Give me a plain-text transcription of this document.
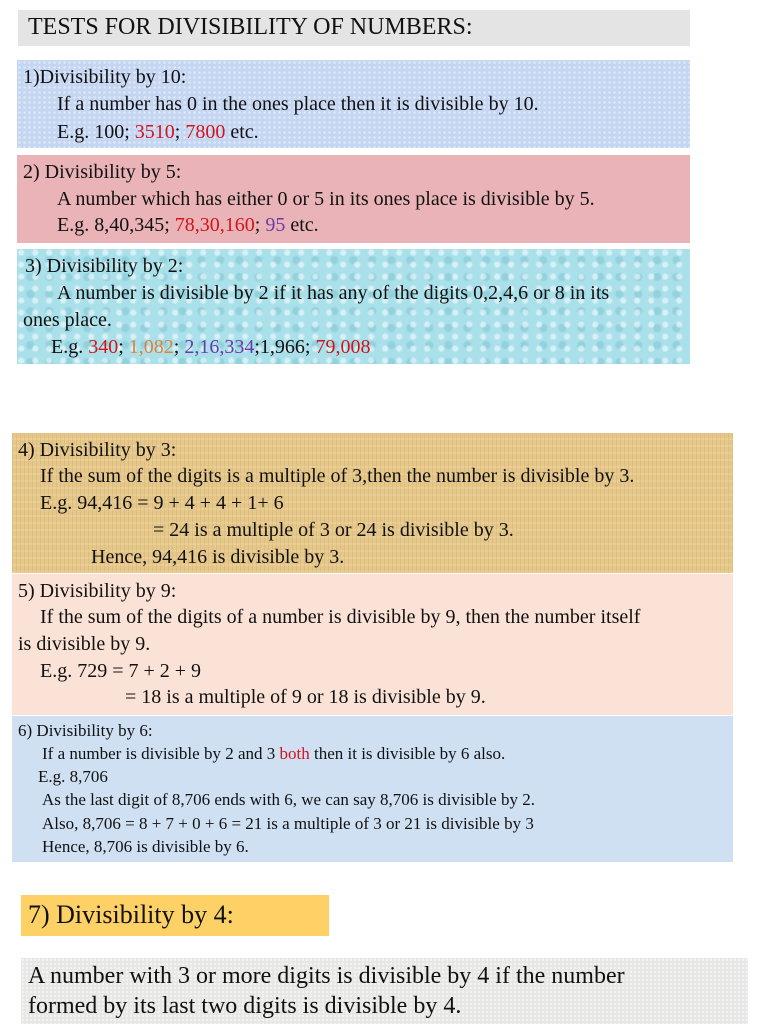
TESTS FOR DIVISIBILITY OF NUMBERS:
1)Divisibility by 10:
If a number has 0 in the ones place then it is divisible by 10.
E.g. 100; 3510; 7800 etc.
2) Divisibility by 5:
A number which has either 0 or 5 in its ones place is divisible by 5.
E.g. 8,40,345; 78,30,160; 95 etc.
3) Divisibility by 2:
A number is divisible by 2 if it has any of the digits 0,2,4,6 or 8 in its
ones place.
E.g. 340; 1,082; 2,16,334;1,966; 79,008
4) Divisibility by 3:
If the sum of the digits is a multiple of 3,then the number is divisible by 3.
E.g. 94,416 = 9 + 4 + 4 + 1+ 6
= 24 is a multiple of 3 or 24 is divisible by 3.
Hence, 94,416 is divisible by 3.
5) Divisibility by 9:
If the sum of the digits of a number is divisible by 9, then the number itself
is divisible by 9.
E.g. 729 = 7 + 2 + 9
= 18 is a multiple of 9 or 18 is divisible by 9.
6) Divisibility by 6:
If a number is divisible by 2 and 3 both then it is divisible by 6 also.
E.g. 8,706
As the last digit of 8,706 ends with 6, we can say 8,706 is divisible by 2.
Also, 8,706 = 8 + 7 + 0 + 6 = 21 is a multiple of 3 or 21 is divisible by 3
Hence, 8,706 is divisible by 6.
7) Divisibility by 4:
A number with 3 or more digits is divisible by 4 if the number
formed by its last two digits is divisible by 4.
